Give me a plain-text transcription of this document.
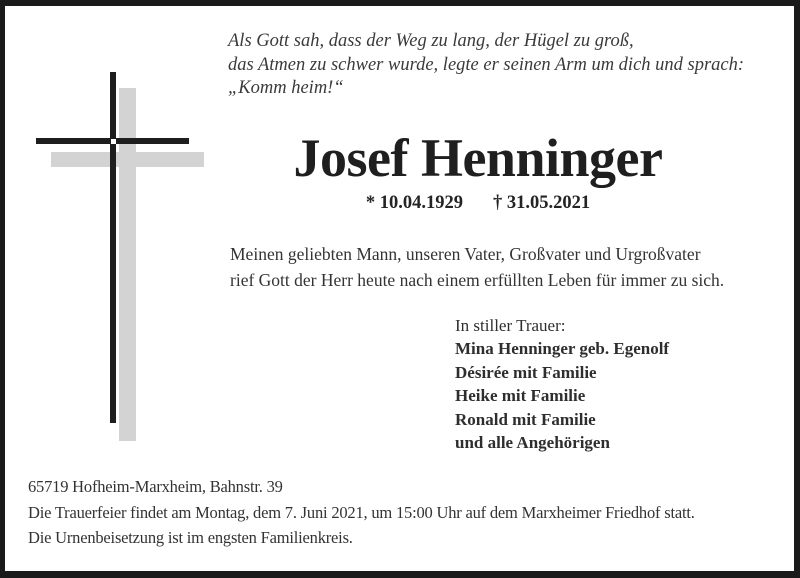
Als Gott sah, dass der Weg zu lang, der Hügel zu groß,
das Atmen zu schwer wurde, legte er seinen Arm um dich und sprach:
„Komm heim!“
Josef Henninger
* 10.04.1929 † 31.05.2021
Meinen geliebten Mann, unseren Vater, Großvater und Urgroßvater
rief Gott der Herr heute nach einem erfüllten Leben für immer zu sich.
In stiller Trauer:
Mina Henninger geb. Egenolf
Désirée mit Familie
Heike mit Familie
Ronald mit Familie
und alle Angehörigen
65719 Hofheim-Marxheim, Bahnstr. 39
Die Trauerfeier findet am Montag, dem 7. Juni 2021, um 15:00 Uhr auf dem Marxheimer Friedhof statt.
Die Urnenbeisetzung ist im engsten Familienkreis.
